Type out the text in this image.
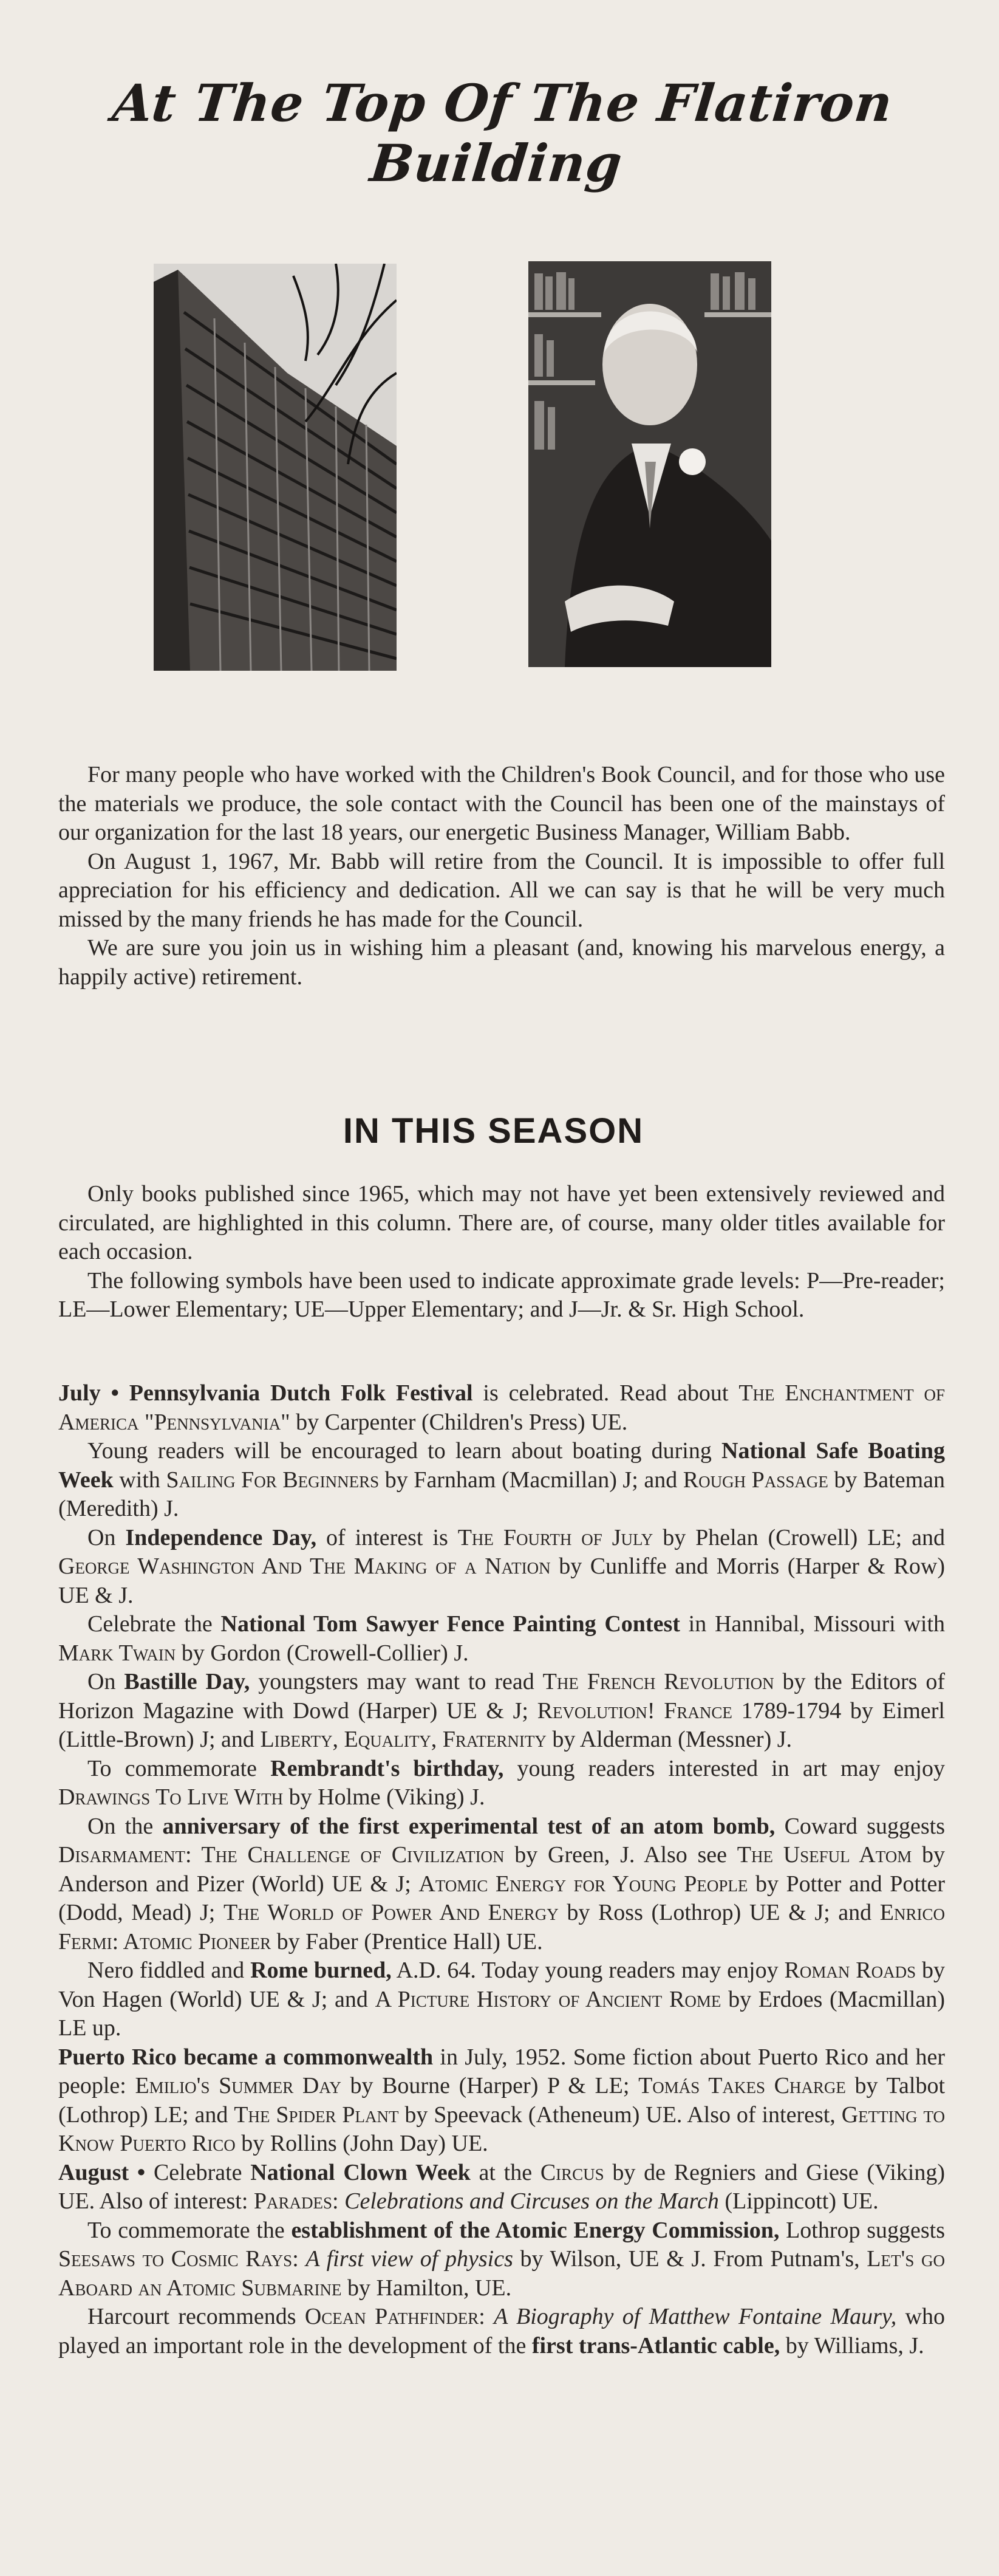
At The Top Of The Flatiron Building

For many people who have worked with the Children's Book Council, and for those who use the materials we produce, the sole contact with the Council has been one of the mainstays of our organization for the last 18 years, our energetic Business Manager, William Babb.

On August 1, 1967, Mr. Babb will retire from the Council. It is impossible to offer full appreciation for his efficiency and dedication. All we can say is that he will be very much missed by the many friends he has made for the Council.

We are sure you join us in wishing him a pleasant (and, knowing his marvelous energy, a happily active) retirement.

IN THIS SEASON

Only books published since 1965, which may not have yet been extensively reviewed and circulated, are highlighted in this column. There are, of course, many older titles available for each occasion.

The following symbols have been used to indicate approximate grade levels: P—Pre-reader; LE—Lower Elementary; UE—Upper Elementary; and J—Jr. & Sr. High School.

July • Pennsylvania Dutch Folk Festival is celebrated. Read about The Enchantment of America "Pennsylvania" by Carpenter (Children's Press) UE.

Young readers will be encouraged to learn about boating during National Safe Boating Week with Sailing For Beginners by Farnham (Macmillan) J; and Rough Passage by Bateman (Meredith) J.

On Independence Day, of interest is The Fourth of July by Phelan (Crowell) LE; and George Washington And The Making of a Nation by Cunliffe and Morris (Harper & Row) UE & J.

Celebrate the National Tom Sawyer Fence Painting Contest in Hannibal, Missouri with Mark Twain by Gordon (Crowell-Collier) J.

On Bastille Day, youngsters may want to read The French Revolution by the Editors of Horizon Magazine with Dowd (Harper) UE & J; Revolution! France 1789-1794 by Eimerl (Little-Brown) J; and Liberty, Equality, Fraternity by Alderman (Messner) J.

To commemorate Rembrandt's birthday, young readers interested in art may enjoy Drawings To Live With by Holme (Viking) J.

On the anniversary of the first experimental test of an atom bomb, Coward suggests Disarmament: The Challenge of Civilization by Green, J. Also see The Useful Atom by Anderson and Pizer (World) UE & J; Atomic Energy for Young People by Potter and Potter (Dodd, Mead) J; The World of Power And Energy by Ross (Lothrop) UE & J; and Enrico Fermi: Atomic Pioneer by Faber (Prentice Hall) UE.

Nero fiddled and Rome burned, A.D. 64. Today young readers may enjoy Roman Roads by Von Hagen (World) UE & J; and A Picture History of Ancient Rome by Erdoes (Macmillan) LE up.

Puerto Rico became a commonwealth in July, 1952. Some fiction about Puerto Rico and her people: Emilio's Summer Day by Bourne (Harper) P & LE; Tomás Takes Charge by Talbot (Lothrop) LE; and The Spider Plant by Speevack (Atheneum) UE. Also of interest, Getting to Know Puerto Rico by Rollins (John Day) UE.

August • Celebrate National Clown Week at the Circus by de Regniers and Giese (Viking) UE. Also of interest: Parades: Celebrations and Circuses on the March (Lippincott) UE.

To commemorate the establishment of the Atomic Energy Commission, Lothrop suggests Seesaws to Cosmic Rays: A first view of physics by Wilson, UE & J. From Putnam's, Let's go Aboard an Atomic Submarine by Hamilton, UE.

Harcourt recommends Ocean Pathfinder: A Biography of Matthew Fontaine Maury, who played an important role in the development of the first trans-Atlantic cable, by Williams, J.
